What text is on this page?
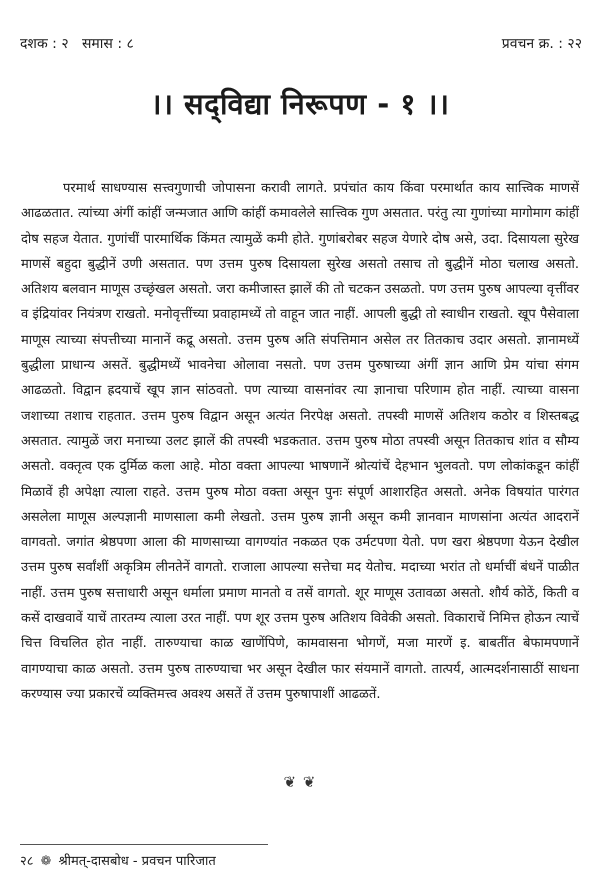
दशक : २   समास : ८	प्रवचन क्र. : २२
।। सद्‌विद्या निरूपण - १ ।।

परमार्थ साधण्यास सत्त्वगुणाची जोपासना करावी लागते. प्रपंचांत काय किंवा परमार्थात काय सात्त्विक माणसें आढळतात. त्यांच्या अंगीं कांहीं जन्मजात आणि कांहीं कमावलेले सात्त्विक गुण असतात. परंतु त्या गुणांच्या मागोमाग कांहीं दोष सहज येतात. गुणांचीं पारमार्थिक किंमत त्यामुळें कमी होते. गुणांबरोबर सहज येणारे दोष असे, उदा. दिसायला सुरेख माणसें बहुदा बुद्धीनें उणी असतात. पण उत्तम पुरुष दिसायला सुरेख असतो तसाच तो बुद्धीनें मोठा चलाख असतो. अतिशय बलवान माणूस उच्छृंखल असतो. जरा कमीजास्त झालें की तो चटकन उसळतो. पण उत्तम पुरुष आपल्या वृत्तींवर व इंद्रियांवर नियंत्रण राखतो. मनोवृत्तींच्या प्रवाहामध्यें तो वाहून जात नाहीं. आपली बुद्धी तो स्वाधीन राखतो. खूप पैसेवाला माणूस त्याच्या संपत्तीच्या मानानें कद्रू असतो. उत्तम पुरुष अति संपत्तिमान असेल तर तितकाच उदार असतो. ज्ञानामध्यें बुद्धीला प्राधान्य असतें. बुद्धीमध्यें भावनेचा ओलावा नसतो. पण उत्तम पुरुषाच्या अंगीं ज्ञान आणि प्रेम यांचा संगम आढळतो. विद्वान ह्रदयाचें खूप ज्ञान सांठवतो. पण त्याच्या वासनांवर त्या ज्ञानाचा परिणाम होत नाहीं. त्याच्या वासना जशाच्या तशाच राहतात. उत्तम पुरुष विद्वान असून अत्यंत निरपेक्ष असतो. तपस्वी माणसें अतिशय कठोर व शिस्तबद्ध असतात. त्यामुळें जरा मनाच्या उलट झालें की तपस्वी भडकतात. उत्तम पुरुष मोठा तपस्वी असून तितकाच शांत व सौम्य असतो. वक्तृत्व एक दुर्मिळ कला आहे. मोठा वक्ता आपल्या भाषणानें श्रोत्यांचें देहभान भुलवतो. पण लोकांकडून कांहीं मिळावें ही अपेक्षा त्याला राहते. उत्तम पुरुष मोठा वक्ता असून पुनः संपूर्ण आशारहित असतो. अनेक विषयांत पारंगत असलेला माणूस अल्पज्ञानी माणसाला कमी लेखतो. उत्तम पुरुष ज्ञानी असून कमी ज्ञानवान माणसांना अत्यंत आदरानें वागवतो. जगांत श्रेष्ठपणा आला की माणसाच्या वागण्यांत नकळत एक उर्मटपणा येतो. पण खरा श्रेष्ठपणा येऊन देखील उत्तम पुरुष सर्वांशीं अकृत्रिम लीनतेनें वागतो. राजाला आपल्या सत्तेचा मद येतोच. मदाच्या भरांत तो धर्माचीं बंधनें पाळीत नाहीं. उत्तम पुरुष सत्ताधारी असून धर्माला प्रमाण मानतो व तसें वागतो. शूर माणूस उतावळा असतो. शौर्य कोठें, किती व कसें दाखवावें याचें तारतम्य त्याला उरत नाहीं. पण शूर उत्तम पुरुष अतिशय विवेकी असतो. विकाराचें निमित्त होऊन त्याचें चित्त विचलित होत नाहीं. तारुण्याचा काळ खाणेंपिणे, कामवासना भोगणें, मजा मारणें इ. बाबतींत बेफामपणानें वागण्याचा काळ असतो. उत्तम पुरुष तारुण्याचा भर असून देखील फार संयमानें वागतो. तात्पर्य, आत्मदर्शनासाठीं साधना करण्यास ज्या प्रकारचें व्यक्तिमत्त्व अवश्य असतें तें उत्तम पुरुषापाशीं आढळतें.

❦ ❦
२८ ❁ श्रीमत्-दासबोध - प्रवचन पारिजात
